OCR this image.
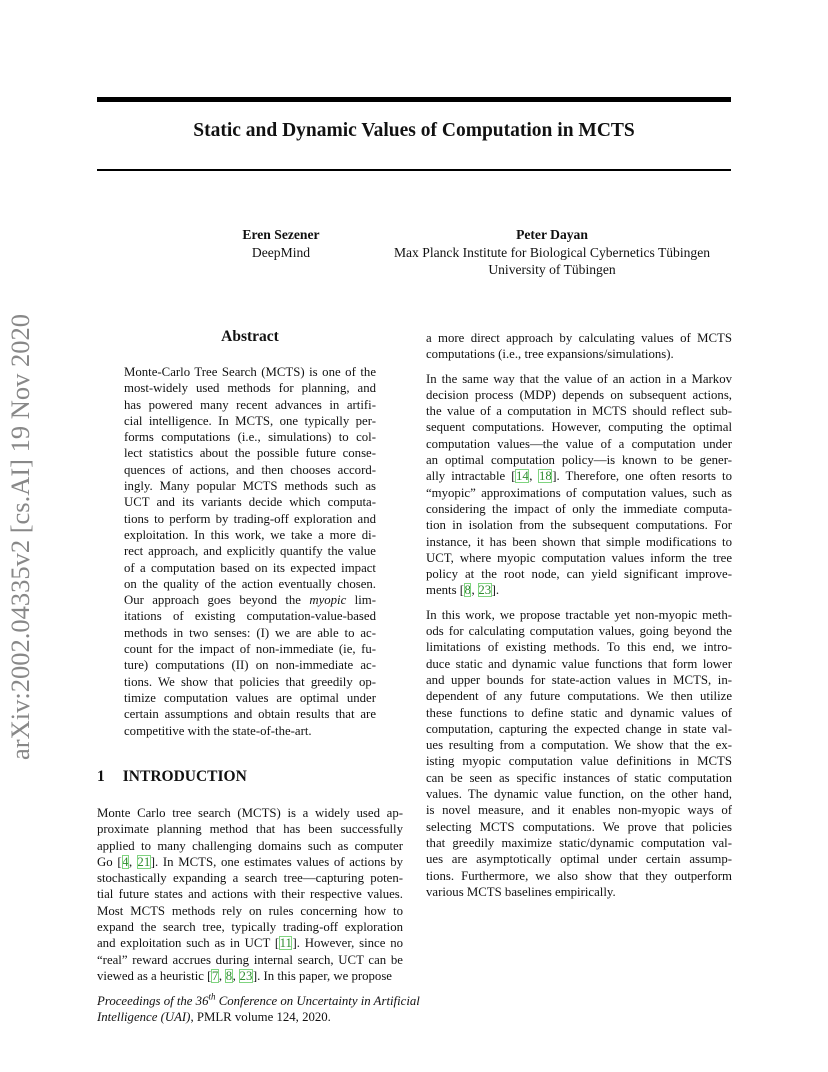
Static and Dynamic Values of Computation in MCTS
Eren Sezener
DeepMind
Peter Dayan
Max Planck Institute for Biological Cybernetics Tübingen
University of Tübingen
arXiv:2002.04335v2 [cs.AI] 19 Nov 2020	Abstract
Monte-Carlo Tree Search (MCTS) is one of the
most-widely used methods for planning, and
has powered many recent advances in artifi-
cial intelligence. In MCTS, one typically per-
forms computations (i.e., simulations) to col-
lect statistics about the possible future conse-
quences of actions, and then chooses accord-
ingly. Many popular MCTS methods such as
UCT and its variants decide which computa-
tions to perform by trading-off exploration and
exploitation. In this work, we take a more di-
rect approach, and explicitly quantify the value
of a computation based on its expected impact
on the quality of the action eventually chosen.
Our approach goes beyond the myopic lim-
itations of existing computation-value-based
methods in two senses: (I) we are able to ac-
count for the impact of non-immediate (ie, fu-
ture) computations (II) on non-immediate ac-
tions. We show that policies that greedily op-
timize computation values are optimal under
certain assumptions and obtain results that are
competitive with the state-of-the-art.
1 INTRODUCTION
Monte Carlo tree search (MCTS) is a widely used ap-
proximate planning method that has been successfully
applied to many challenging domains such as computer
Go [4, 21]. In MCTS, one estimates values of actions by
stochastically expanding a search tree—capturing poten-
tial future states and actions with their respective values.
Most MCTS methods rely on rules concerning how to
expand the search tree, typically trading-off exploration
and exploitation such as in UCT [11]. However, since no
“real” reward accrues during internal search, UCT can be
viewed as a heuristic [7, 8, 23]. In this paper, we propose
Proceedings of the 36th Conference on Uncertainty in Artificial
Intelligence (UAI), PMLR volume 124, 2020.
a more direct approach by calculating values of MCTS
computations (i.e., tree expansions/simulations).
In the same way that the value of an action in a Markov
decision process (MDP) depends on subsequent actions,
the value of a computation in MCTS should reflect sub-
sequent computations. However, computing the optimal
computation values—the value of a computation under
an optimal computation policy—is known to be gener-
ally intractable [14, 18]. Therefore, one often resorts to
“myopic” approximations of computation values, such as
considering the impact of only the immediate computa-
tion in isolation from the subsequent computations. For
instance, it has been shown that simple modifications to
UCT, where myopic computation values inform the tree
policy at the root node, can yield significant improve-
ments [8, 23].
In this work, we propose tractable yet non-myopic meth-
ods for calculating computation values, going beyond the
limitations of existing methods. To this end, we intro-
duce static and dynamic value functions that form lower
and upper bounds for state-action values in MCTS, in-
dependent of any future computations. We then utilize
these functions to define static and dynamic values of
computation, capturing the expected change in state val-
ues resulting from a computation. We show that the ex-
isting myopic computation value definitions in MCTS
can be seen as specific instances of static computation
values. The dynamic value function, on the other hand,
is novel measure, and it enables non-myopic ways of
selecting MCTS computations. We prove that policies
that greedily maximize static/dynamic computation val-
ues are asymptotically optimal under certain assump-
tions. Furthermore, we also show that they outperform
various MCTS baselines empirically.
